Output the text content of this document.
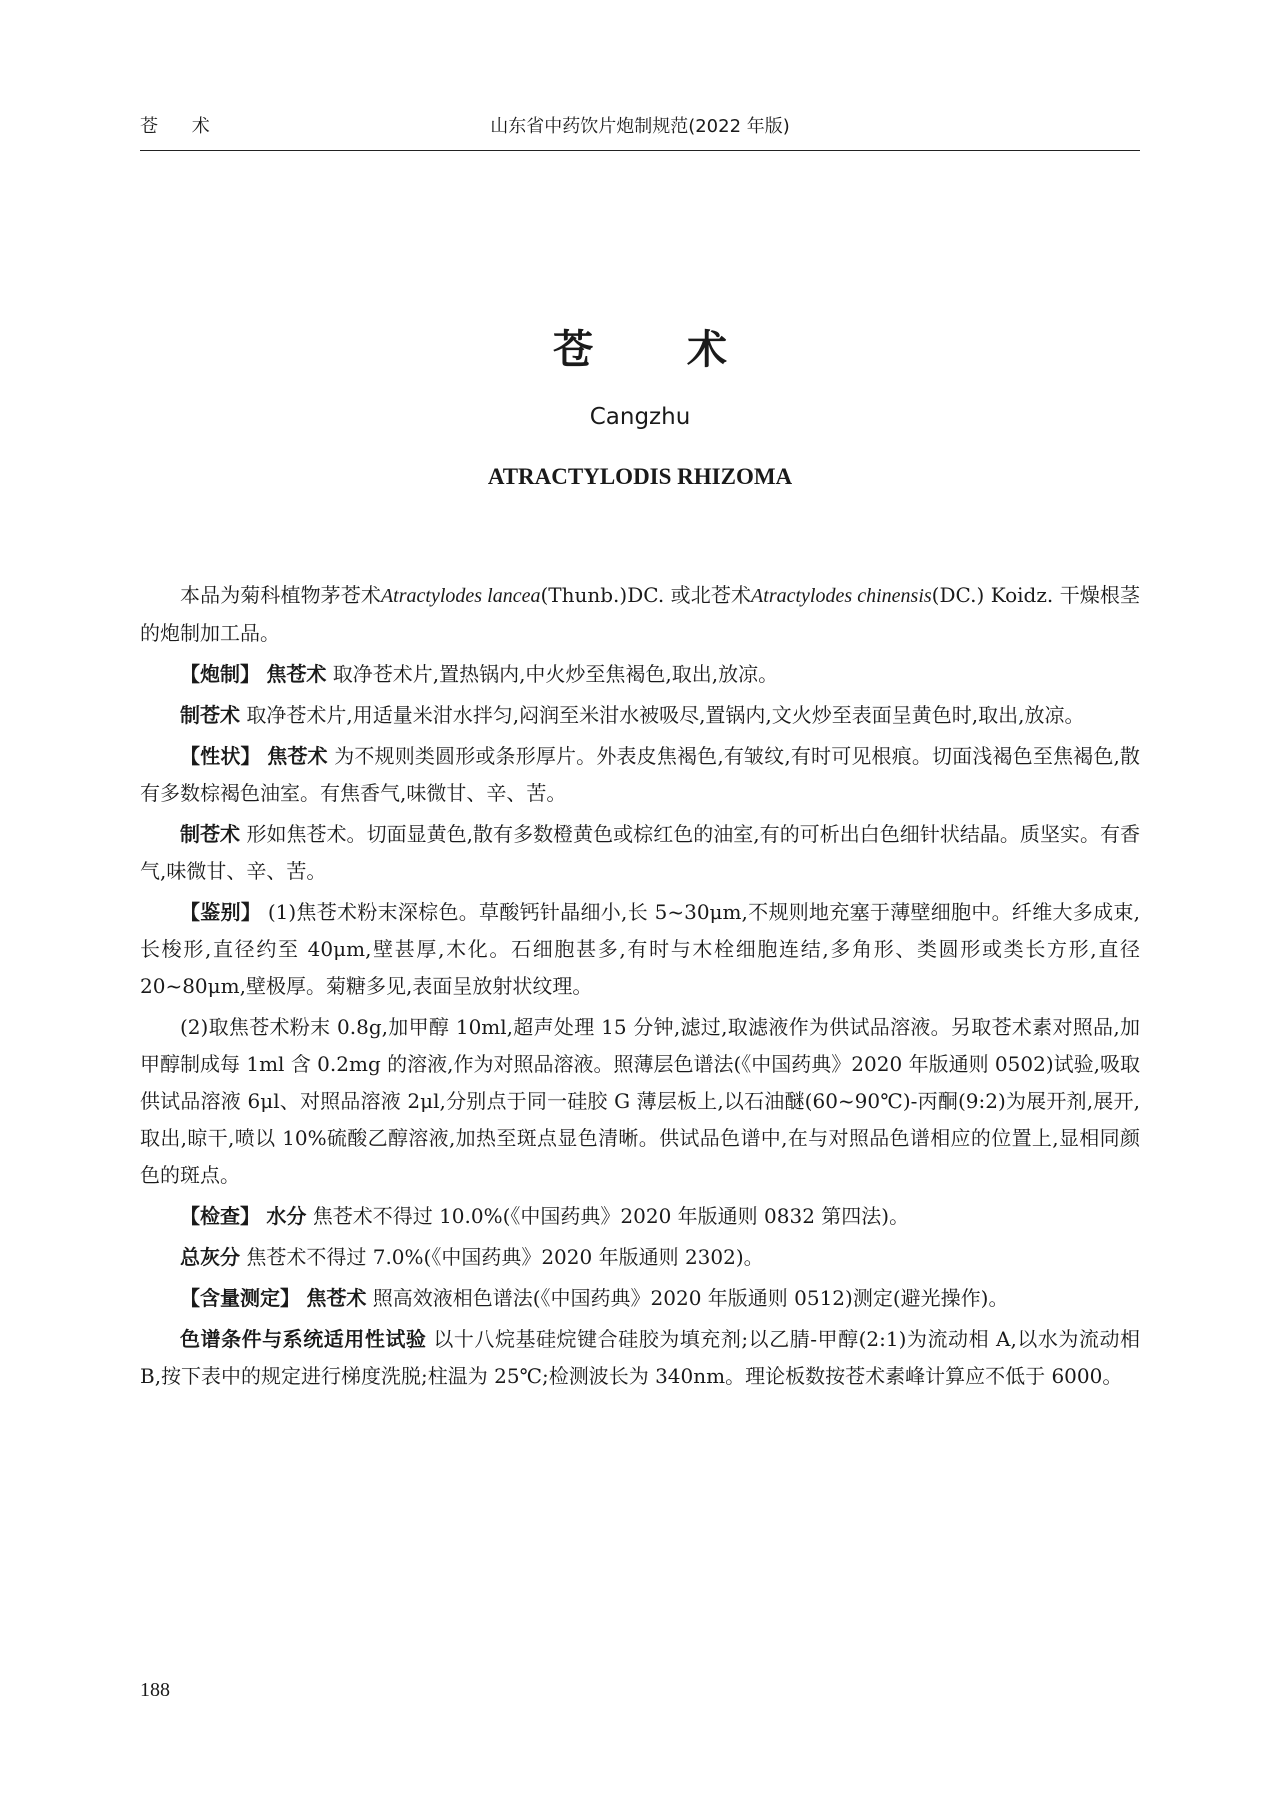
苍 术	山东省中药饮片炮制规范(2022 年版)
苍 术
Cangzhu
ATRACTYLODIS RHIZOMA

本品为菊科植物茅苍术Atractylodes lancea(Thunb.)DC. 或北苍术Atractylodes chinensis(DC.) Koidz. 干燥根茎的炮制加工品。

【炮制】 焦苍术 取净苍术片,置热锅内,中火炒至焦褐色,取出,放凉。

制苍术 取净苍术片,用适量米泔水拌匀,闷润至米泔水被吸尽,置锅内,文火炒至表面呈黄色时,取出,放凉。

【性状】 焦苍术 为不规则类圆形或条形厚片。外表皮焦褐色,有皱纹,有时可见根痕。切面浅褐色至焦褐色,散有多数棕褐色油室。有焦香气,味微甘、辛、苦。

制苍术 形如焦苍术。切面显黄色,散有多数橙黄色或棕红色的油室,有的可析出白色细针状结晶。质坚实。有香气,味微甘、辛、苦。

【鉴别】 (1)焦苍术粉末深棕色。草酸钙针晶细小,长 5~30μm,不规则地充塞于薄壁细胞中。纤维大多成束,长梭形,直径约至 40μm,壁甚厚,木化。石细胞甚多,有时与木栓细胞连结,多角形、类圆形或类长方形,直径 20~80μm,壁极厚。菊糖多见,表面呈放射状纹理。

(2)取焦苍术粉末 0.8g,加甲醇 10ml,超声处理 15 分钟,滤过,取滤液作为供试品溶液。另取苍术素对照品,加甲醇制成每 1ml 含 0.2mg 的溶液,作为对照品溶液。照薄层色谱法(《中国药典》2020 年版通则 0502)试验,吸取供试品溶液 6μl、对照品溶液 2μl,分别点于同一硅胶 G 薄层板上,以石油醚(60~90℃)-丙酮(9:2)为展开剂,展开,取出,晾干,喷以 10%硫酸乙醇溶液,加热至斑点显色清晰。供试品色谱中,在与对照品色谱相应的位置上,显相同颜色的斑点。

【检查】 水分 焦苍术不得过 10.0%(《中国药典》2020 年版通则 0832 第四法)。

总灰分 焦苍术不得过 7.0%(《中国药典》2020 年版通则 2302)。

【含量测定】 焦苍术 照高效液相色谱法(《中国药典》2020 年版通则 0512)测定(避光操作)。

色谱条件与系统适用性试验 以十八烷基硅烷键合硅胶为填充剂;以乙腈-甲醇(2:1)为流动相 A,以水为流动相 B,按下表中的规定进行梯度洗脱;柱温为 25℃;检测波长为 340nm。理论板数按苍术素峰计算应不低于 6000。

188
